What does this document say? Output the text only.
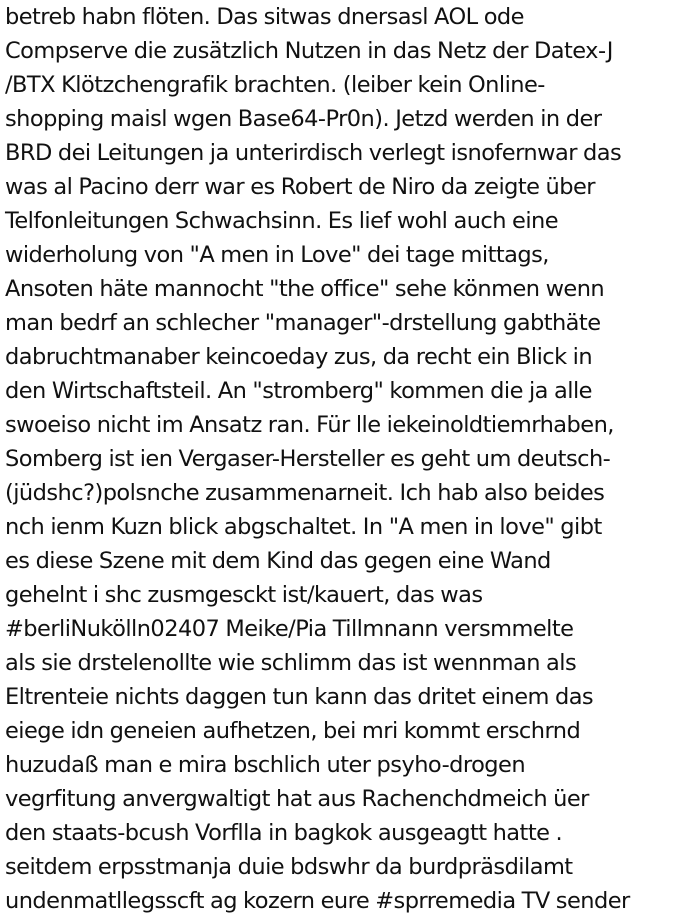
betreb habn flöten. Das sitwas dnersasl AOL ode
Compserve die zusätzlich Nutzen in das Netz der Datex-J
/BTX Klötzchengrafik brachten. (leiber kein Online-
shopping maisl wgen Base64-Pr0n). Jetzd werden in der
BRD dei Leitungen ja unterirdisch verlegt isnofernwar das
was al Pacino derr war es Robert de Niro da zeigte über
Telfonleitungen Schwachsinn. Es lief wohl auch eine
widerholung von "A men in Love" dei tage mittags,
Ansoten häte mannocht "the office" sehe könmen wenn
man bedrf an schlecher "manager"-drstellung gabthäte
dabruchtmanaber keincoeday zus, da recht ein Blick in
den Wirtschaftsteil. An "stromberg" kommen die ja alle
swoeiso nicht im Ansatz ran. Für lle iekeinoldtiemrhaben,
Somberg ist ien Vergaser-Hersteller es geht um deutsch-
(jüdshc?)polsnche zusammenarneit. Ich hab also beides
nch ienm Kuzn blick abgschaltet. In "A men in love" gibt
es diese Szene mit dem Kind das gegen eine Wand
gehelnt i shc zusmgesckt ist/kauert, das was
#berliNukölln02407 Meike/Pia Tillmnann versmmelte
als sie drstelenollte wie schlimm das ist wennman als
Eltrenteie nichts daggen tun kann das dritet einem das
eiege idn geneien aufhetzen, bei mri kommt erschrnd
huzudaß man e mira bschlich uter psyho-drogen
vegrfitung anvergwaltigt hat aus Rachenchdmeich üer
den staats-bcush Vorflla in bagkok ausgeagtt hatte .
seitdem erpsstmanja duie bdswhr da burdpräsdilamt
undenmatllegsscft ag kozern eure #sprremedia TV sender
